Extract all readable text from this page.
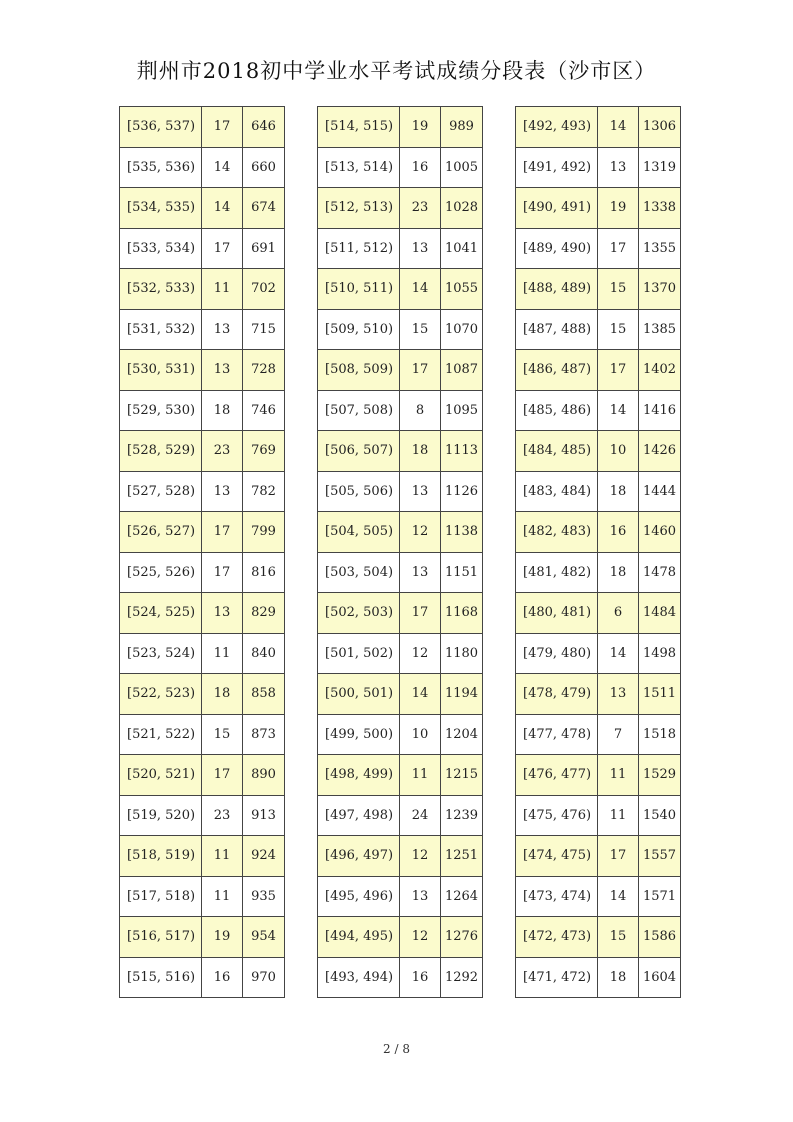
荆州市2018初中学业水平考试成绩分段表（沙市区）
[536, 537)	17	646
[535, 536)	14	660
[534, 535)	14	674
[533, 534)	17	691
[532, 533)	11	702
[531, 532)	13	715
[530, 531)	13	728
[529, 530)	18	746
[528, 529)	23	769
[527, 528)	13	782
[526, 527)	17	799
[525, 526)	17	816
[524, 525)	13	829
[523, 524)	11	840
[522, 523)	18	858
[521, 522)	15	873
[520, 521)	17	890
[519, 520)	23	913
[518, 519)	11	924
[517, 518)	11	935
[516, 517)	19	954
[515, 516)	16	970
[514, 515)	19	989
[513, 514)	16	1005
[512, 513)	23	1028
[511, 512)	13	1041
[510, 511)	14	1055
[509, 510)	15	1070
[508, 509)	17	1087
[507, 508)	8	1095
[506, 507)	18	1113
[505, 506)	13	1126
[504, 505)	12	1138
[503, 504)	13	1151
[502, 503)	17	1168
[501, 502)	12	1180
[500, 501)	14	1194
[499, 500)	10	1204
[498, 499)	11	1215
[497, 498)	24	1239
[496, 497)	12	1251
[495, 496)	13	1264
[494, 495)	12	1276
[493, 494)	16	1292
[492, 493)	14	1306
[491, 492)	13	1319
[490, 491)	19	1338
[489, 490)	17	1355
[488, 489)	15	1370
[487, 488)	15	1385
[486, 487)	17	1402
[485, 486)	14	1416
[484, 485)	10	1426
[483, 484)	18	1444
[482, 483)	16	1460
[481, 482)	18	1478
[480, 481)	6	1484
[479, 480)	14	1498
[478, 479)	13	1511
[477, 478)	7	1518
[476, 477)	11	1529
[475, 476)	11	1540
[474, 475)	17	1557
[473, 474)	14	1571
[472, 473)	15	1586
[471, 472)	18	1604
2 / 8
